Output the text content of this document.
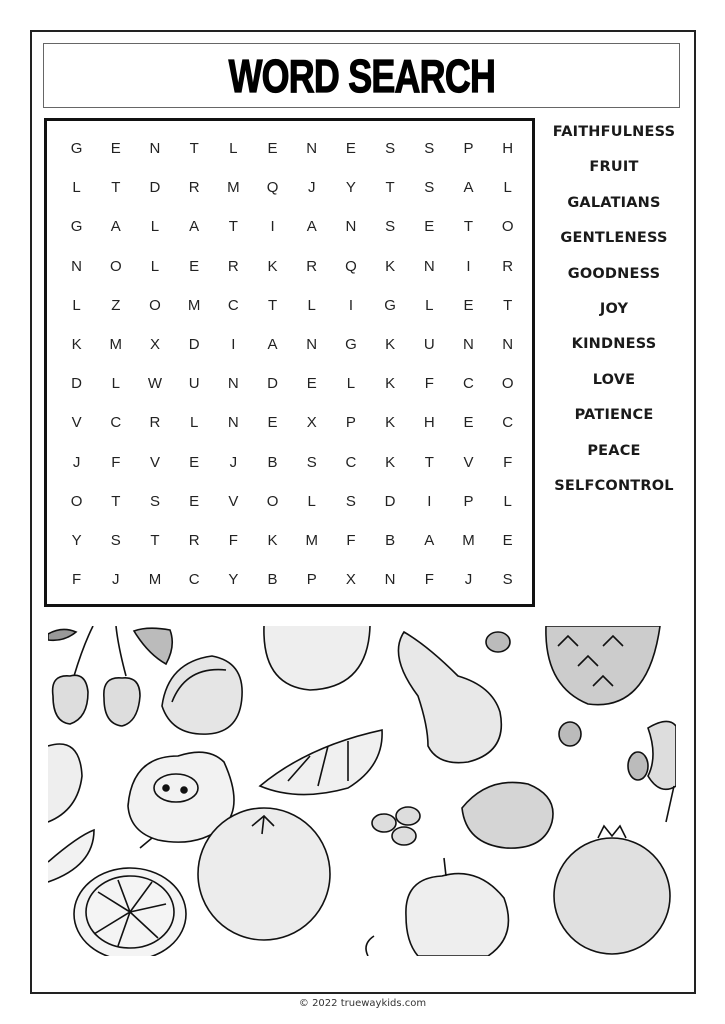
WORD SEARCH
G	E	N	T	L	E	N	E	S	S	P	H
L	T	D	R	M	Q	J	Y	T	S	A	L
G	A	L	A	T	I	A	N	S	E	T	O
N	O	L	E	R	K	R	Q	K	N	I	R
L	Z	O	M	C	T	L	I	G	L	E	T
K	M	X	D	I	A	N	G	K	U	N	N
D	L	W	U	N	D	E	L	K	F	C	O
V	C	R	L	N	E	X	P	K	H	E	C
J	F	V	E	J	B	S	C	K	T	V	F
O	T	S	E	V	O	L	S	D	I	P	L
Y	S	T	R	F	K	M	F	B	A	M	E
F	J	M	C	Y	B	P	X	N	F	J	S
FAITHFULNESS
FRUIT
GALATIANS
GENTLENESS
GOODNESS
JOY
KINDNESS
LOVE
PATIENCE
PEACE
SELFCONTROL
© 2022 truewaykids.com
